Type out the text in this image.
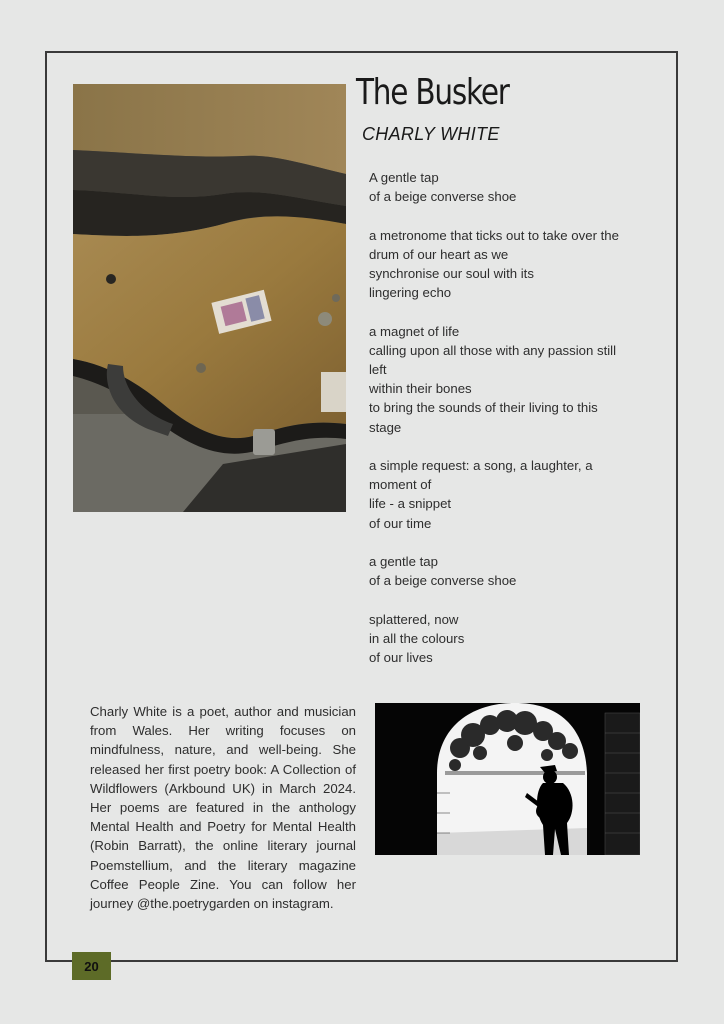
The Busker
CHARLY WHITE
A gentle tap
of a beige converse shoe
a metronome that ticks out to take over the
drum of our heart as we
synchronise our soul with its
lingering echo
a magnet of life
calling upon all those with any passion still
left
within their bones
to bring the sounds of their living to this
stage
a simple request: a song, a laughter, a
moment of
life - a snippet
of our time
a gentle tap
of a beige converse shoe
splattered, now
in all the colours
of our lives

Charly White is a poet, author and musician from Wales. Her writing focuses on mindfulness, nature, and well-being. She released her first poetry book: A Collection of Wildflowers (Arkbound UK) in March 2024. Her poems are featured in the anthology Mental Health and Poetry for Mental Health (Robin Barratt), the online literary journal Poemstellium, and the literary magazine Coffee People Zine. You can follow her journey @the.poetrygarden on instagram.

20
